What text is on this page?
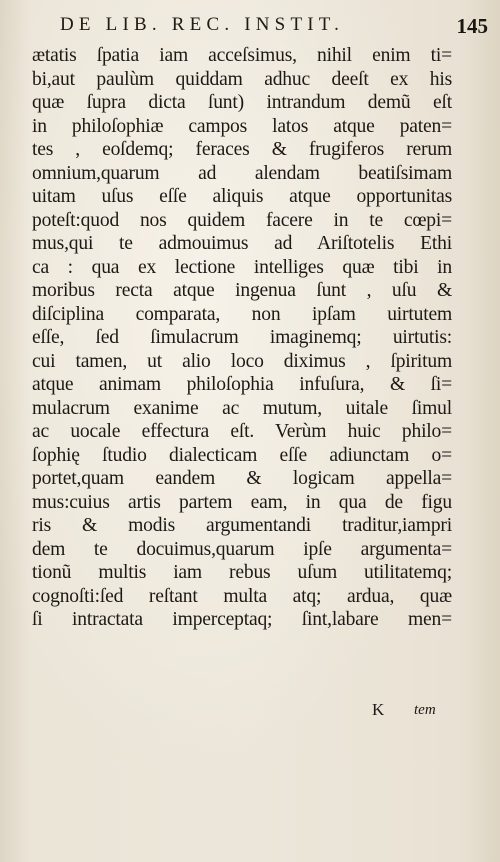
DE LIB. REC. INSTIT.	145
ætatis ſpatia iam acceſsimus, nihil enim ti=
bi,aut paulùm quiddam adhuc deeſt ex his
quæ ſupra dicta ſunt) intrandum demũ eſt
in philoſophiæ campos latos atque paten=
tes , eoſdemq; feraces & frugiferos rerum
omnium,quarum ad alendam beatiſsimam
uitam uſus eſſe aliquis atque opportunitas
poteſt:quod nos quidem facere in te cœpi=
mus,qui te admouimus ad Ariſtotelis Ethi
ca : qua ex lectione intelliges quæ tibi in
moribus recta atque ingenua ſunt , uſu &
diſciplina comparata, non ipſam uirtutem
eſſe, ſed ſimulacrum imaginemq; uirtutis:
cui tamen, ut alio loco diximus , ſpiritum
atque animam philoſophia infuſura, & ſi=
mulacrum exanime ac mutum, uitale ſimul
ac uocale effectura eſt. Verùm huic philo=
ſophię ſtudio dialecticam eſſe adiunctam o=
portet,quam eandem & logicam appella=
mus:cuius artis partem eam, in qua de figu
ris & modis argumentandi traditur,iampri
dem te docuimus,quarum ipſe argumenta=
tionũ multis iam rebus uſum utilitatemq;
cognoſti:ſed reſtant multa atq; ardua, quæ
ſi intractata imperceptaq; ſint,labare men=
K tem
